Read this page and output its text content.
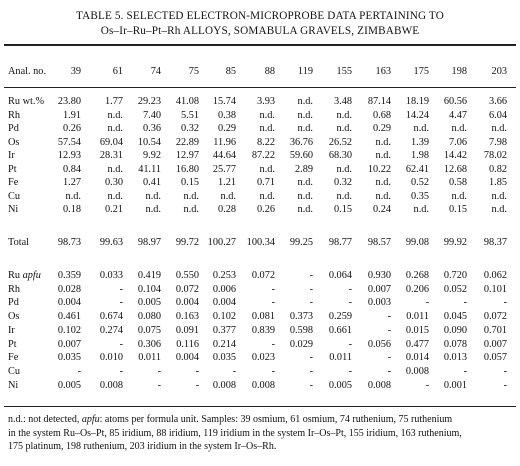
TABLE 5. SELECTED ELECTRON-MICROPROBE DATA PERTAINING TO
Os–Ir–Ru–Pt–Rh ALLOYS, SOMABULA GRAVELS, ZIMBABWE
Anal. no. 39	61	74	75	85	88 119 155 163 175 198 203
Ru wt.% 23.80 1.77 29.23 41.08 15.74 3.93 n.d. 3.48 87.14 18.19 60.56 3.66
Rh	1.91	n.d. 7.40 5.51 0.38 n.d. n.d. n.d. 0.68 14.24 4.47 6.04
Pd	0.26	n.d. 0.36 0.32 0.29 n.d. n.d. n.d. 0.29 n.d. n.d. n.d.
Os	57.54 69.04 10.54 22.89 11.96 8.22 36.76 26.52 n.d. 1.39 7.06 7.98
Ir	12.93 28.31 9.92 12.97 44.64 87.22 59.60 68.30 n.d. 1.98 14.42 78.02
Pt	0.84	n.d. 41.11 16.80 25.77 n.d. 2.89 n.d. 10.22 62.41 12.68 0.82
Fe	1.27 0.30 0.41 0.15 1.21 0.71 n.d. 0.32 n.d. 0.52 0.58 1.85
Cu	n.d.	n.d. n.d. n.d. n.d. n.d. n.d. n.d. n.d. 0.35 n.d. n.d.
Ni	0.18 0.21 n.d. n.d. 0.28 0.26 n.d. 0.15 0.24 n.d. 0.15 n.d.
Total	98.73 99.63 98.97 99.72 100.27 100.34 99.25 98.77 98.57 99.08 99.92 98.37
Ru apfu 0.359 0.033 0.419 0.550 0.253 0.072	- 0.064 0.930 0.268 0.720 0.062
Rh	0.028	- 0.104 0.072 0.006	-	-	- 0.007 0.206 0.052 0.101
Pd	0.004	- 0.005 0.004 0.004	-	-	- 0.003	-	-	-
Os	0.461 0.674 0.080 0.163 0.102 0.081 0.373 0.259	- 0.011 0.045 0.072
Ir	0.102 0.274 0.075 0.091 0.377 0.839 0.598 0.661	- 0.015 0.090 0.701
Pt	0.007	- 0.306 0.116 0.214	- 0.029	- 0.056 0.477 0.078 0.007
Fe	0.035 0.010 0.011 0.004 0.035 0.023	- 0.011	- 0.014 0.013 0.057
Cu	-	-	-	-	-	-	-	-	- 0.008	-	-
Ni	0.005 0.008	-	- 0.008 0.008	- 0.005 0.008	- 0.001	-
n.d.: not detected, apfu: atoms per formula unit. Samples: 39 osmium, 61 osmium, 74 ruthenium, 75 ruthenium
in the system Ru–Os–Pt, 85 iridium, 88 iridium, 119 iridium in the system Ir–Os–Pt, 155 iridium, 163 ruthenium,
175 platinum, 198 ruthenium, 203 iridium in the system Ir–Os–Rh.
